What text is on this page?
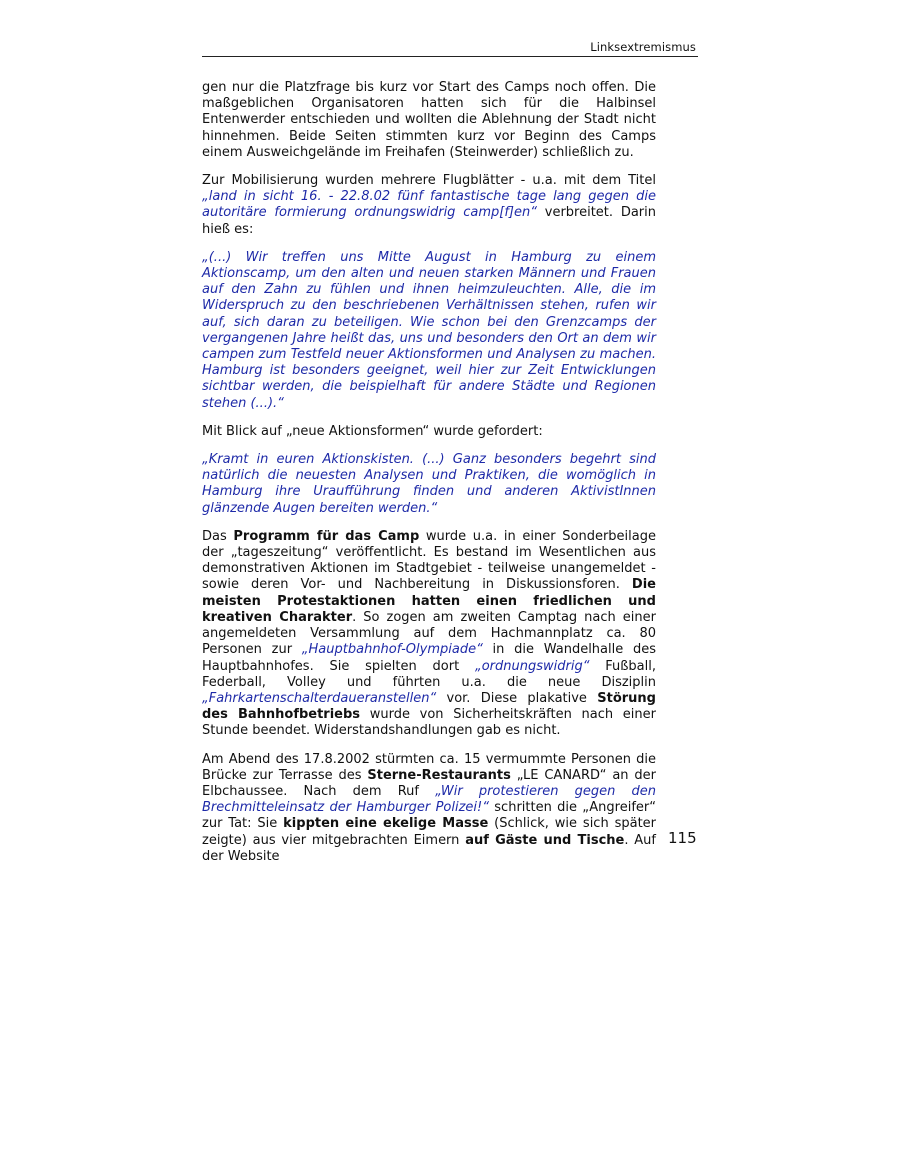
Linksextremismus

gen nur die Platzfrage bis kurz vor Start des Camps noch offen. Die maßgeblichen Organisatoren hatten sich für die Halbinsel Entenwerder entschieden und wollten die Ablehnung der Stadt nicht hinnehmen. Beide Seiten stimmten kurz vor Beginn des Camps einem Ausweichgelände im Freihafen (Steinwerder) schließlich zu.

Zur Mobilisierung wurden mehrere Flugblätter - u.a. mit dem Titel „land in sicht 16. - 22.8.02 fünf fantastische tage lang gegen die autoritäre formierung ordnungswidrig camp[f]en“ verbreitet. Darin hieß es:

„(...) Wir treffen uns Mitte August in Hamburg zu einem Aktionscamp, um den alten und neuen starken Männern und Frauen auf den Zahn zu fühlen und ihnen heimzuleuchten. Alle, die im Widerspruch zu den beschriebenen Verhältnissen stehen, rufen wir auf, sich daran zu beteiligen. Wie schon bei den Grenzcamps der vergangenen Jahre heißt das, uns und besonders den Ort an dem wir campen zum Testfeld neuer Aktionsformen und Analysen zu machen. Hamburg ist besonders geeignet, weil hier zur Zeit Entwicklungen sichtbar werden, die beispielhaft für andere Städte und Regionen stehen (...).“

Mit Blick auf „neue Aktionsformen“ wurde gefordert:

„Kramt in euren Aktionskisten. (...) Ganz besonders begehrt sind natürlich die neuesten Analysen und Praktiken, die womöglich in Hamburg ihre Uraufführung finden und anderen AktivistInnen glänzende Augen bereiten werden.“

Das Programm für das Camp wurde u.a. in einer Sonderbeilage der „tageszeitung“ veröffentlicht. Es bestand im Wesentlichen aus demonstrativen Aktionen im Stadtgebiet - teilweise unangemeldet - sowie deren Vor- und Nachbereitung in Diskussionsforen. Die meisten Protestaktionen hatten einen friedlichen und kreativen Charakter. So zogen am zweiten Camptag nach einer angemeldeten Versammlung auf dem Hachmannplatz ca. 80 Personen zur „Hauptbahnhof-Olympiade“ in die Wandelhalle des Hauptbahnhofes. Sie spielten dort „ordnungswidrig“ Fußball, Federball, Volley und führten u.a. die neue Disziplin „Fahrkartenschalterdaueranstellen“ vor. Diese plakative Störung des Bahnhofbetriebs wurde von Sicherheitskräften nach einer Stunde beendet. Widerstandshandlungen gab es nicht.

Am Abend des 17.8.2002 stürmten ca. 15 vermummte Personen die Brücke zur Terrasse des Sterne-Restaurants „LE CANARD“ an der Elbchaussee. Nach dem Ruf „Wir protestieren gegen den Brechmitteleinsatz der Hamburger Polizei!“ schritten die „Angreifer“ zur Tat: Sie kippten eine ekelige Masse (Schlick, wie sich später zeigte) aus vier mitgebrachten Eimern auf Gäste und Tische. Auf der Website

115
